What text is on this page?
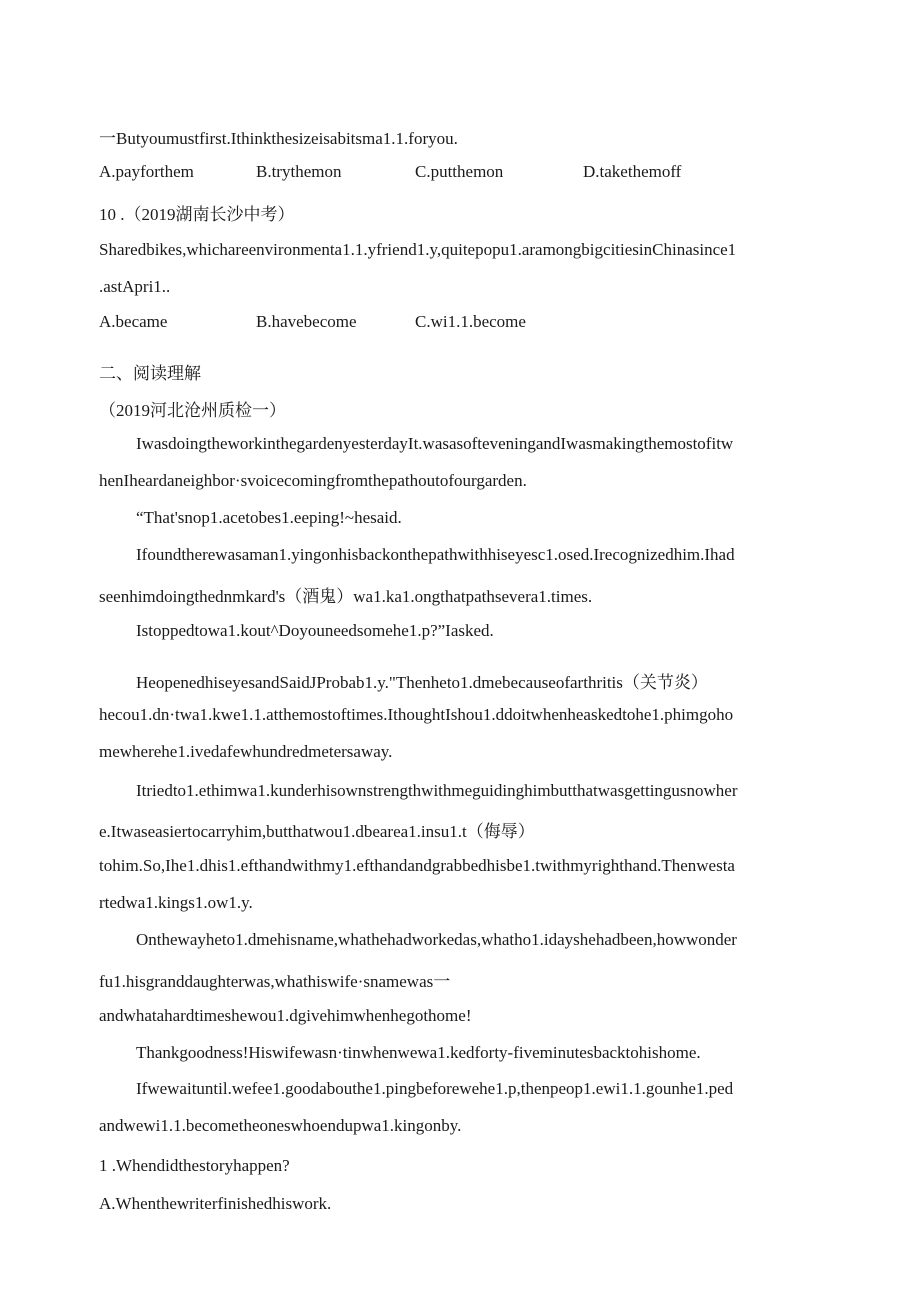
一Butyoumustfirst.Ithinkthesizeisabitsma1.1.foryou.
A.payforthem	B.trythemon	C.putthemon	D.takethemoff
10 .（2019湖南长沙中考）
Sharedbikes,whichareenvironmenta1.1.yfriend1.y,quitepopu1.aramongbigcitiesinChinasince1
.astApri1..
A.became	B.havebecome	C.wi1.1.become
二、阅读理解
（2019河北沧州质检一）
IwasdoingtheworkinthegardenyesterdayIt.wasasofteveningandIwasmakingthemostofitw
henIheardaneighbor·svoicecomingfromthepathoutofourgarden.
“That'snop1.acetobes1.eeping!~hesaid.
Ifoundtherewasaman1.yingonhisbackonthepathwithhiseyesc1.osed.Irecognizedhim.Ihad
seenhimdoingthednmkard's（酒鬼）wa1.ka1.ongthatpathsevera1.times.
Istoppedtowa1.kout^Doyouneedsomehe1.p?”Iasked.
HeopenedhiseyesandSaidJProbab1.y."Thenheto1.dmebecauseofarthritis（关节炎）
hecou1.dn·twa1.kwe1.1.atthemostoftimes.IthoughtIshou1.ddoitwhenheaskedtohe1.phimgoho
mewherehe1.ivedafewhundredmetersaway.
Itriedto1.ethimwa1.kunderhisownstrengthwithmeguidinghimbutthatwasgettingusnowher
e.Itwaseasiertocarryhim,butthatwou1.dbearea1.insu1.t（侮辱）
tohim.So,Ihe1.dhis1.efthandwithmy1.efthandandgrabbedhisbe1.twithmyrighthand.Thenwesta
rtedwa1.kings1.ow1.y.
Onthewayheto1.dmehisname,whathehadworkedas,whatho1.idayshehadbeen,howwonder
fu1.hisgranddaughterwas,whathiswife·snamewas一
andwhatahardtimeshewou1.dgivehimwhenhegothome!
Thankgoodness!Hiswifewasn·tinwhenwewa1.kedforty-fiveminutesbacktohishome.
Ifwewaituntil.wefee1.goodabouthe1.pingbeforewehe1.p,thenpeop1.ewi1.1.gounhe1.ped
andwewi1.1.becometheoneswhoendupwa1.kingonby.
1 .Whendidthestoryhappen?
A.Whenthewriterfinishedhiswork.
